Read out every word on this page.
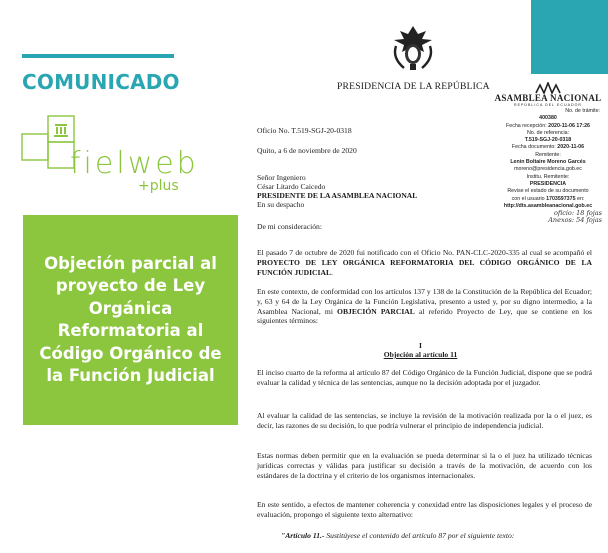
COMUNICADO
fielweb
+plus
Objeción parcial al proyecto de Ley Orgánica Reformatoria al Código Orgánico de la Función Judicial
PRESIDENCIA DE LA REPÚBLICA
ASAMBLEA NACIONAL
REPÚBLICA DEL ECUADOR
No. de trámite:
400380
Fecha recepción: 2020-11-06 17:26
No. de referencia:
T.519-SGJ-20-0318
Fecha documento: 2020-11-06
Remitente:
Lenin Boltaire Moreno Garcés
moreno@presidencia.gob.ec
Institu. Remitente:
PRESIDENCIA
Revise el estado de su documento
con el usuario 1703597375 en:
http://dts.asambleanacional.gob.ec
oficio: 18 fojas
Anexos: 54 fojas
Oficio No. T.519-SGJ-20-0318
Quito, a 6 de noviembre de 2020
Señor Ingeniero
César Litardo Caicedo
PRESIDENTE DE LA ASAMBLEA NACIONAL
En su despacho
De mi consideración:
El pasado 7 de octubre de 2020 fui notificado con el Oficio No. PAN-CLC-2020-335 al cual se acompañó el PROYECTO DE LEY ORGÁNICA REFORMATORIA DEL CÓDIGO ORGÁNICO DE LA FUNCIÓN JUDICIAL.
En este contexto, de conformidad con los artículos 137 y 138 de la Constitución de la República del Ecuador; y, 63 y 64 de la Ley Orgánica de la Función Legislativa, presento a usted y, por su digno intermedio, a la Asamblea Nacional, mi OBJECIÓN PARCIAL al referido Proyecto de Ley, que se contiene en los siguientes términos:
I
Objeción al artículo 11
El inciso cuarto de la reforma al artículo 87 del Código Orgánico de la Función Judicial, dispone que se podrá evaluar la calidad y técnica de las sentencias, aunque no la decisión adoptada por el juzgador.
Al evaluar la calidad de las sentencias, se incluye la revisión de la motivación realizada por la o el juez, es decir, las razones de su decisión, lo que podría vulnerar el principio de independencia judicial.
Estas normas deben permitir que en la evaluación se pueda determinar si la o el juez ha utilizado técnicas jurídicas correctas y válidas para justificar su decisión a través de la motivación, de acuerdo con los estándares de la doctrina y el criterio de los organismos internacionales.
En este sentido, a efectos de mantener coherencia y conexidad entre las disposiciones legales y el proceso de evaluación, propongo el siguiente texto alternativo:
"Artículo 11.- Sustitúyese el contenido del artículo 87 por el siguiente texto:
